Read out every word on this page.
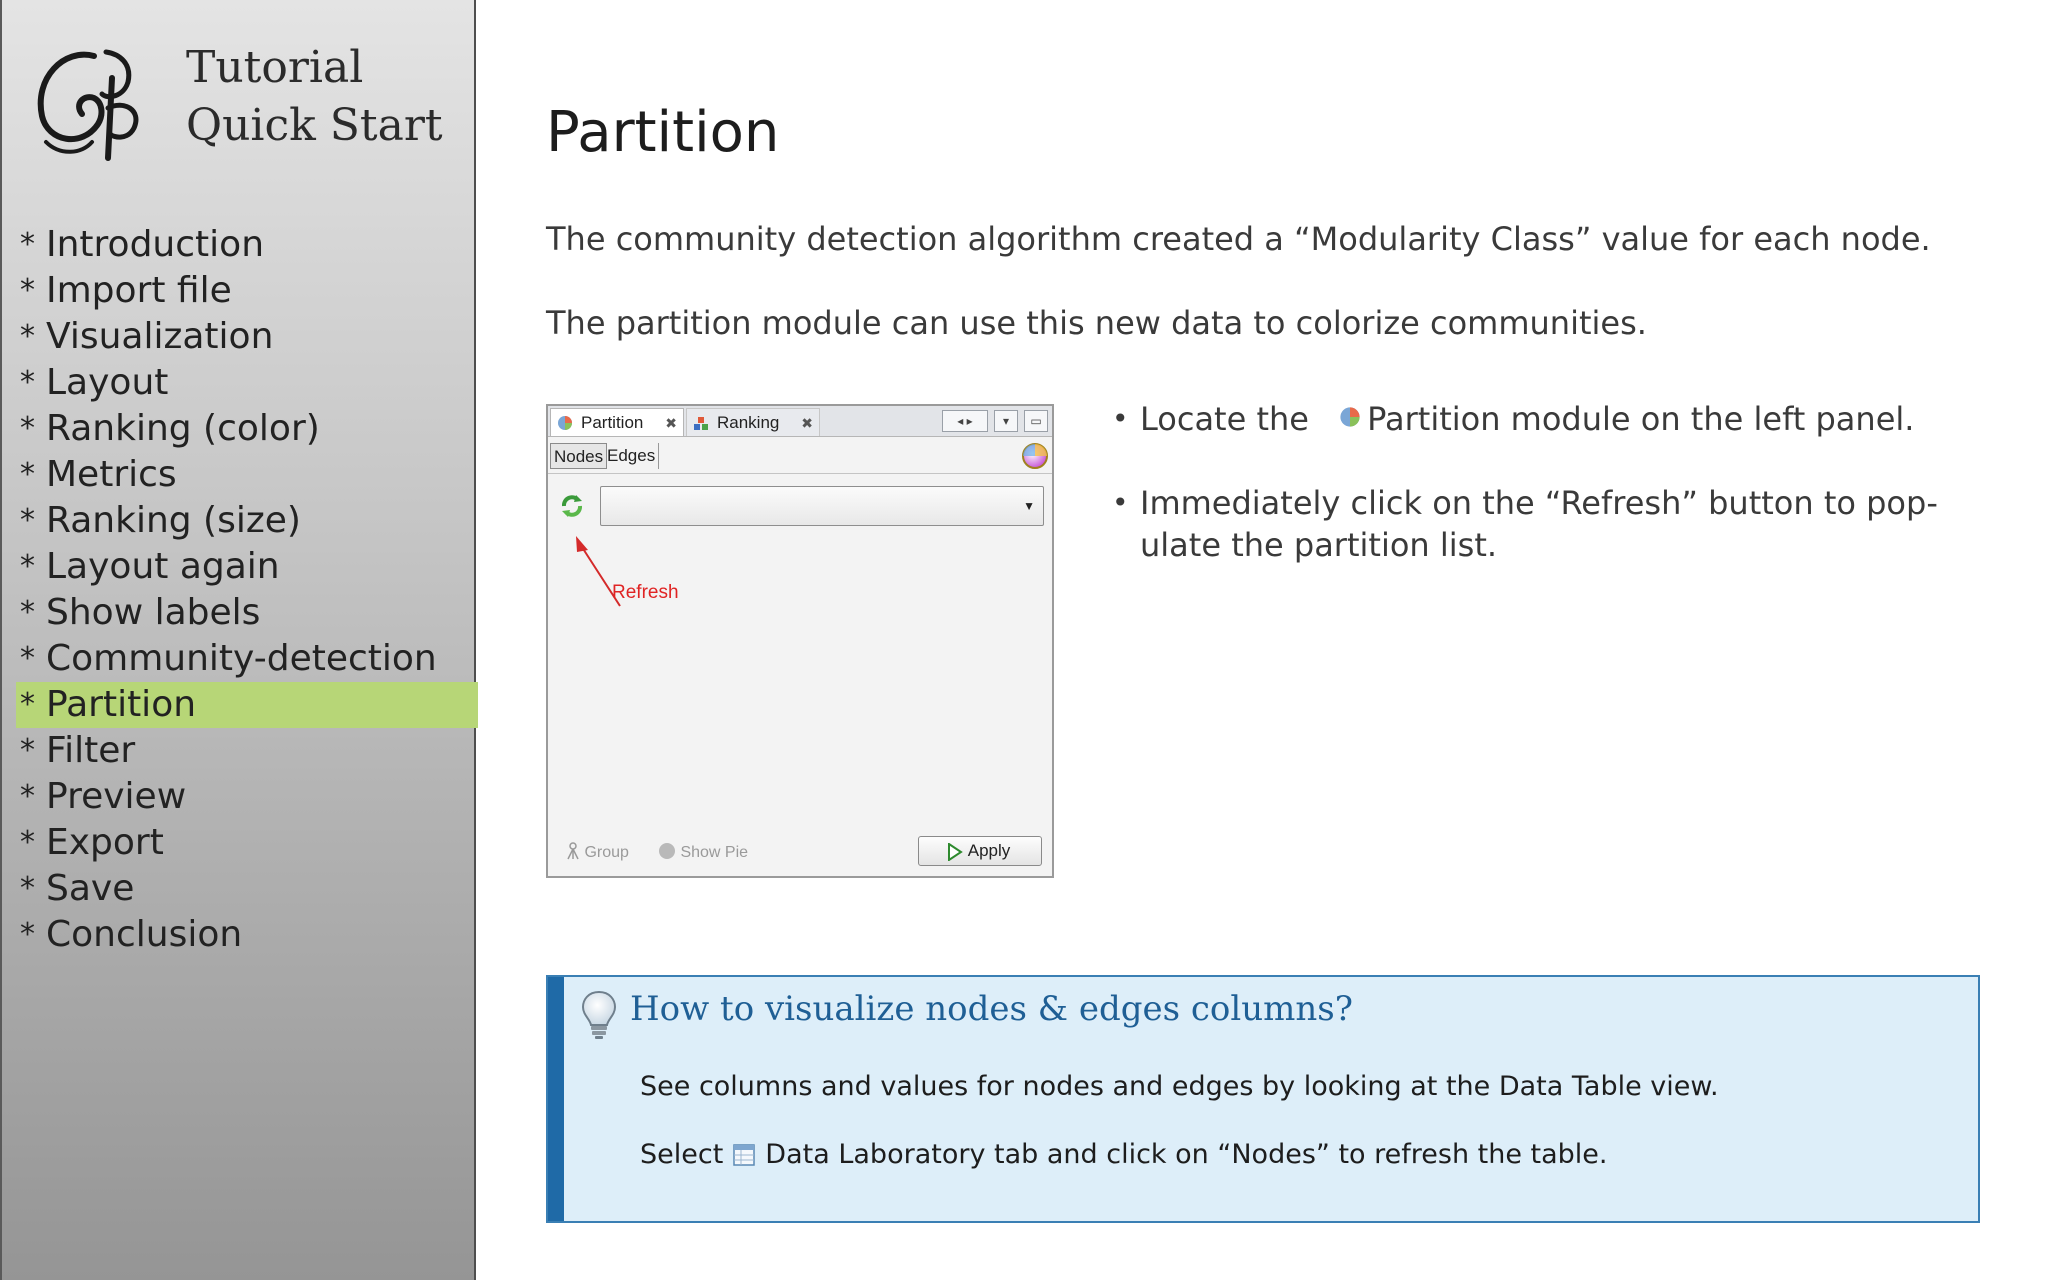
Tutorial
Quick Start
* Introduction
* Import file
* Visualization
* Layout
* Ranking (color)
* Metrics
* Ranking (size)
* Layout again
* Show labels
* Community-detection
* Partition
* Filter
* Preview
* Export
* Save
* Conclusion
Partition
The community detection algorithm created a “Modularity Class” value for each node.
The partition module can use this new data to colorize communities.
Partition ✖	Ranking ✖	◂ ▸	▾	▭
Nodes Edges
▼
Refresh
Group	Show Pie	Apply
• Locate the Partition module on the left panel.
• Immediately click on the “Refresh” button to pop-
ulate the partition list.
How to visualize nodes & edges columns?
See columns and values for nodes and edges by looking at the Data Table view.
Select Data Laboratory tab and click on “Nodes” to refresh the table.
